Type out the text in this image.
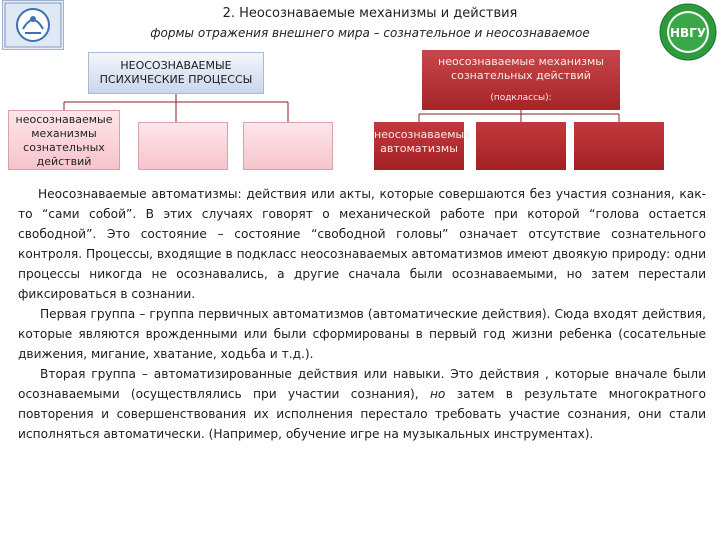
НВГУ
2. Неосознаваемые механизмы и действия
формы отражения внешнего мира – сознательное и неосознаваемое
НЕОСОЗНАВАЕМЫЕ ПСИХИЧЕСКИЕ ПРОЦЕССЫ
неосознаваемые механизмы сознательных действий
(подклассы):
неосознаваемые механизмы сознательных действий
неосознаваемые автоматизмы

Неосознаваемые автоматизмы: действия или акты, которые совершаются без участия сознания, как-то “сами собой”. В этих случаях говорят о механической работе при которой “голова остается свободной”. Это состояние – состояние “свободной головы” означает отсутствие сознательного контроля. Процессы, входящие в подкласс неосознаваемых автоматизмов имеют двоякую природу: одни процессы никогда не осознавались, а другие сначала были осознаваемыми, но затем перестали фиксироваться в сознании.

Первая группа – группа первичных автоматизмов (автоматические действия). Сюда входят действия, которые являются врожденными или были сформированы в первый год жизни ребенка (сосательные движения, мигание, хватание, ходьба и т.д.).

Вторая группа – автоматизированные действия или навыки. Это действия , которые вначале были осознаваемыми (осуществлялись при участии сознания), но затем в результате многократного повторения и совершенствования их исполнения перестало требовать участие сознания, они стали исполняться автоматически. (Например, обучение игре на музыкальных инструментах).
